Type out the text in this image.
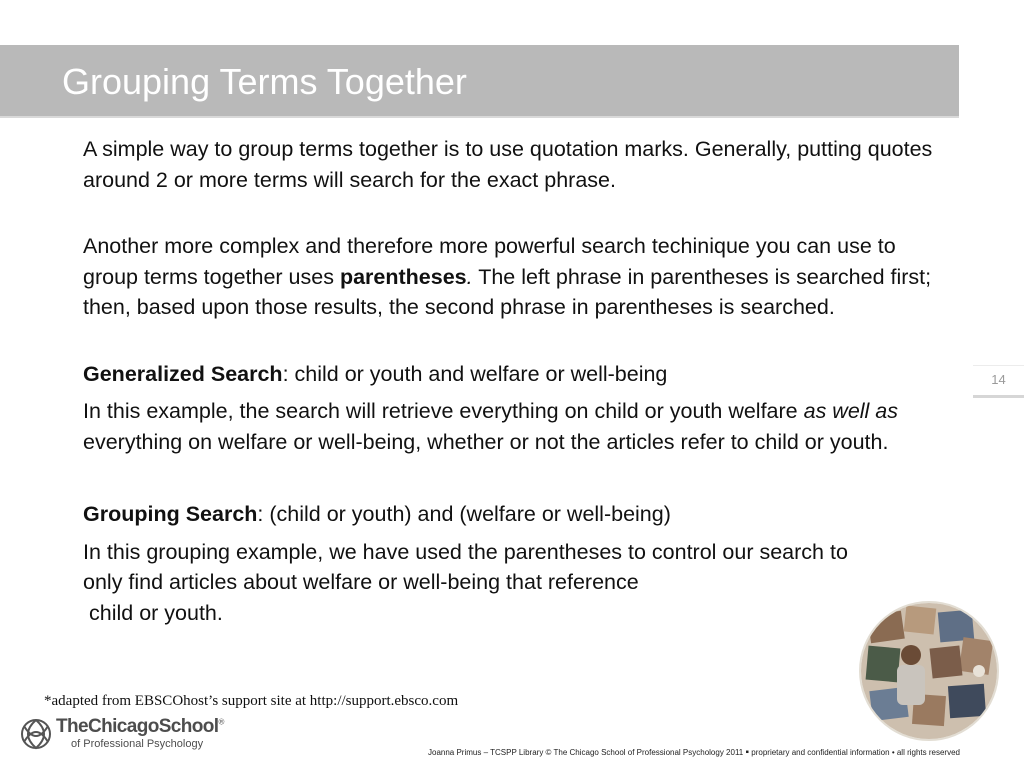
Grouping Terms Together

A simple way to group terms together is to use quotation marks. Generally, putting quotes around 2 or more terms will search for the exact phrase.

Another more complex and therefore more powerful search techinique you can use to group terms together uses parentheses. The left phrase in parentheses is searched first; then, based upon those results, the second phrase in parentheses is searched.

Generalized Search: child or youth and welfare or well-being

In this example, the search will retrieve everything on child or youth welfare as well as everything on welfare or well-being, whether or not the articles refer to child or youth.

Grouping Search: (child or youth) and (welfare or well-being)

In this grouping example, we have used the parentheses to control our search to only find articles about welfare or well-being that reference

child or youth.

14
*adapted from EBSCOhost’s support site at http://support.ebsco.com
TheChicagoSchool®
of Professional Psychology
Joanna Primus – TCSPP Library © The Chicago School of Professional Psychology 2011 ▪ proprietary and confidential information • all rights reserved
